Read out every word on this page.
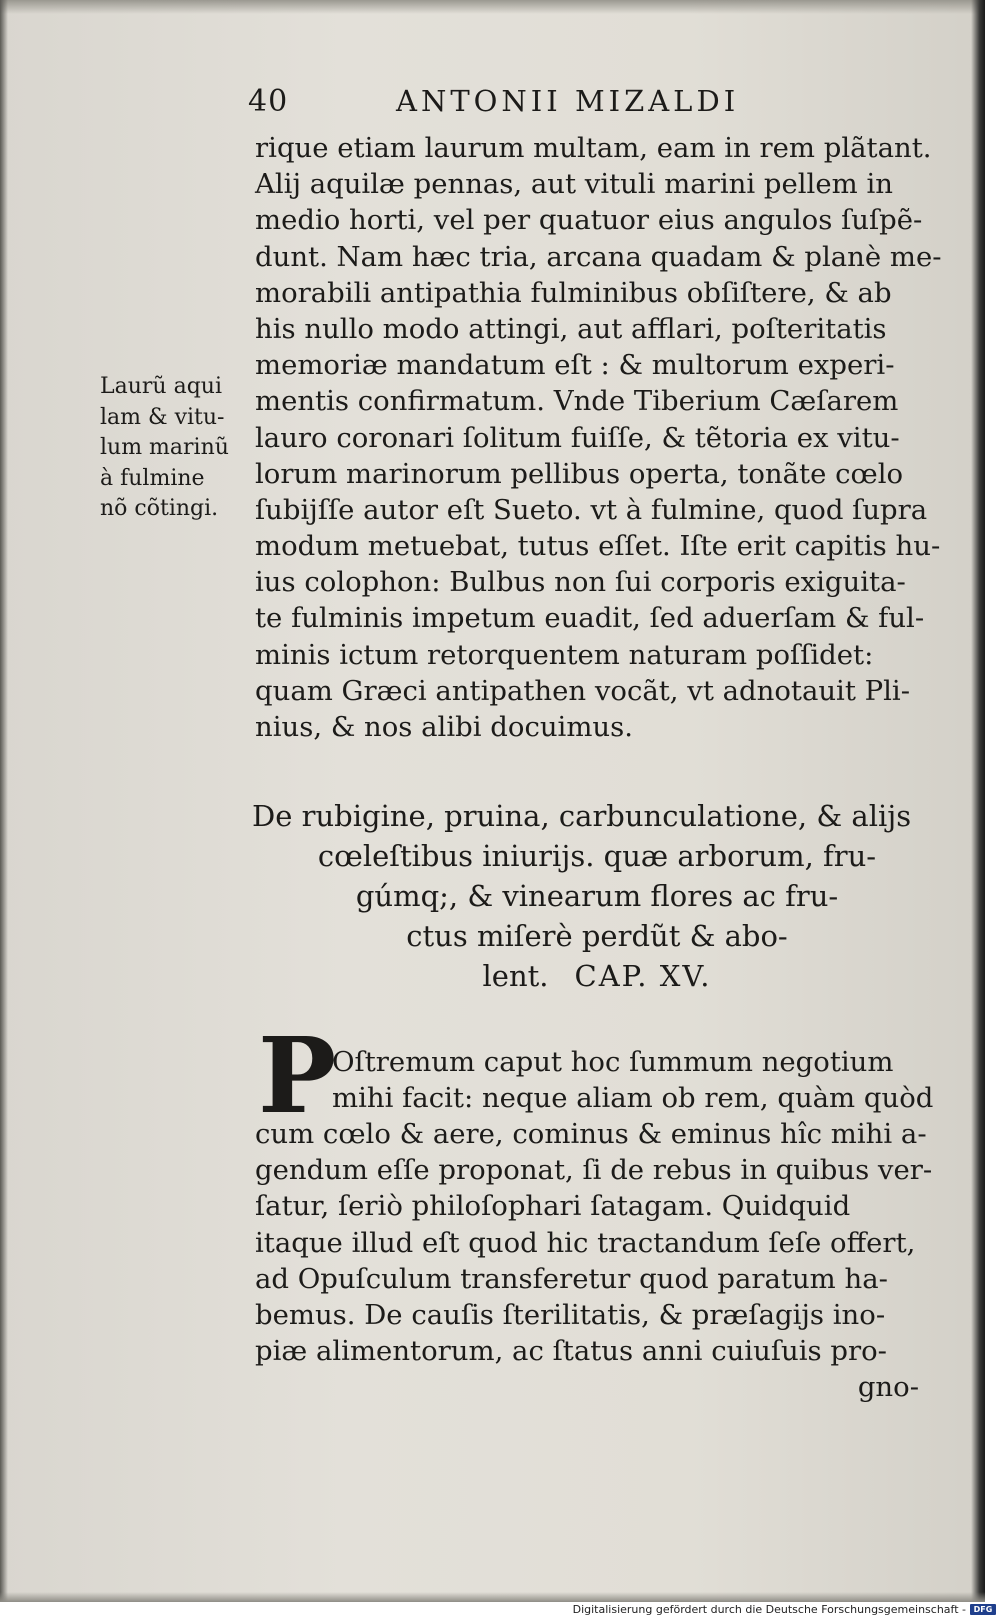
40	ANTONII MIZALDI
Laurũ aqui
lam & vitu-
lum marinũ
à fulmine
nõ cõtingi.
rique etiam laurum multam, eam in rem plãtant.
Alij aquilæ pennas, aut vituli marini pellem in
medio horti, vel per quatuor eius angulos ſuſpẽ-
dunt. Nam hæc tria, arcana quadam & planè me-
morabili antipathia fulminibus obſiſtere, & ab
his nullo modo attingi, aut afflari, poſteritatis
memoriæ mandatum eſt : & multorum experi-
mentis confirmatum. Vnde Tiberium Cæſarem
lauro coronari ſolitum fuiſſe, & tẽtoria ex vitu-
lorum marinorum pellibus operta, tonãte cœlo
ſubijſſe autor eſt Sueto. vt à fulmine, quod ſupra
modum metuebat, tutus eſſet. Iſte erit capitis hu-
ius colophon: Bulbus non ſui corporis exiguita-
te fulminis impetum euadit, ſed aduerſam & ful-
minis ictum retorquentem naturam poſſidet:
quam Græci antipathen vocãt, vt adnotauit Pli-
nius, & nos alibi docuimus.
De rubigine, pruina, carbunculatione, & alijs
cœleſtibus iniurijs. quæ arborum, fru-
gúmq;, & vinearum flores ac fru-
ctus miſerè perdũt & abo-
lent. CAP. XV.
P
Oſtremum caput hoc ſummum negotium
mihi facit: neque aliam ob rem, quàm quòd
cum cœlo & aere, cominus & eminus hîc mihi a-
gendum eſſe proponat, ſi de rebus in quibus ver-
ſatur, ſeriò philoſophari ſatagam. Quidquid
itaque illud eſt quod hic tractandum ſeſe offert,
ad Opuſculum transferetur quod paratum ha-
bemus. De cauſis ſterilitatis, & præſagijs ino-
piæ alimentorum, ac ſtatus anni cuiuſuis pro-
gno-
Digitalisierung gefördert durch die Deutsche Forschungsgemeinschaft - DFG
